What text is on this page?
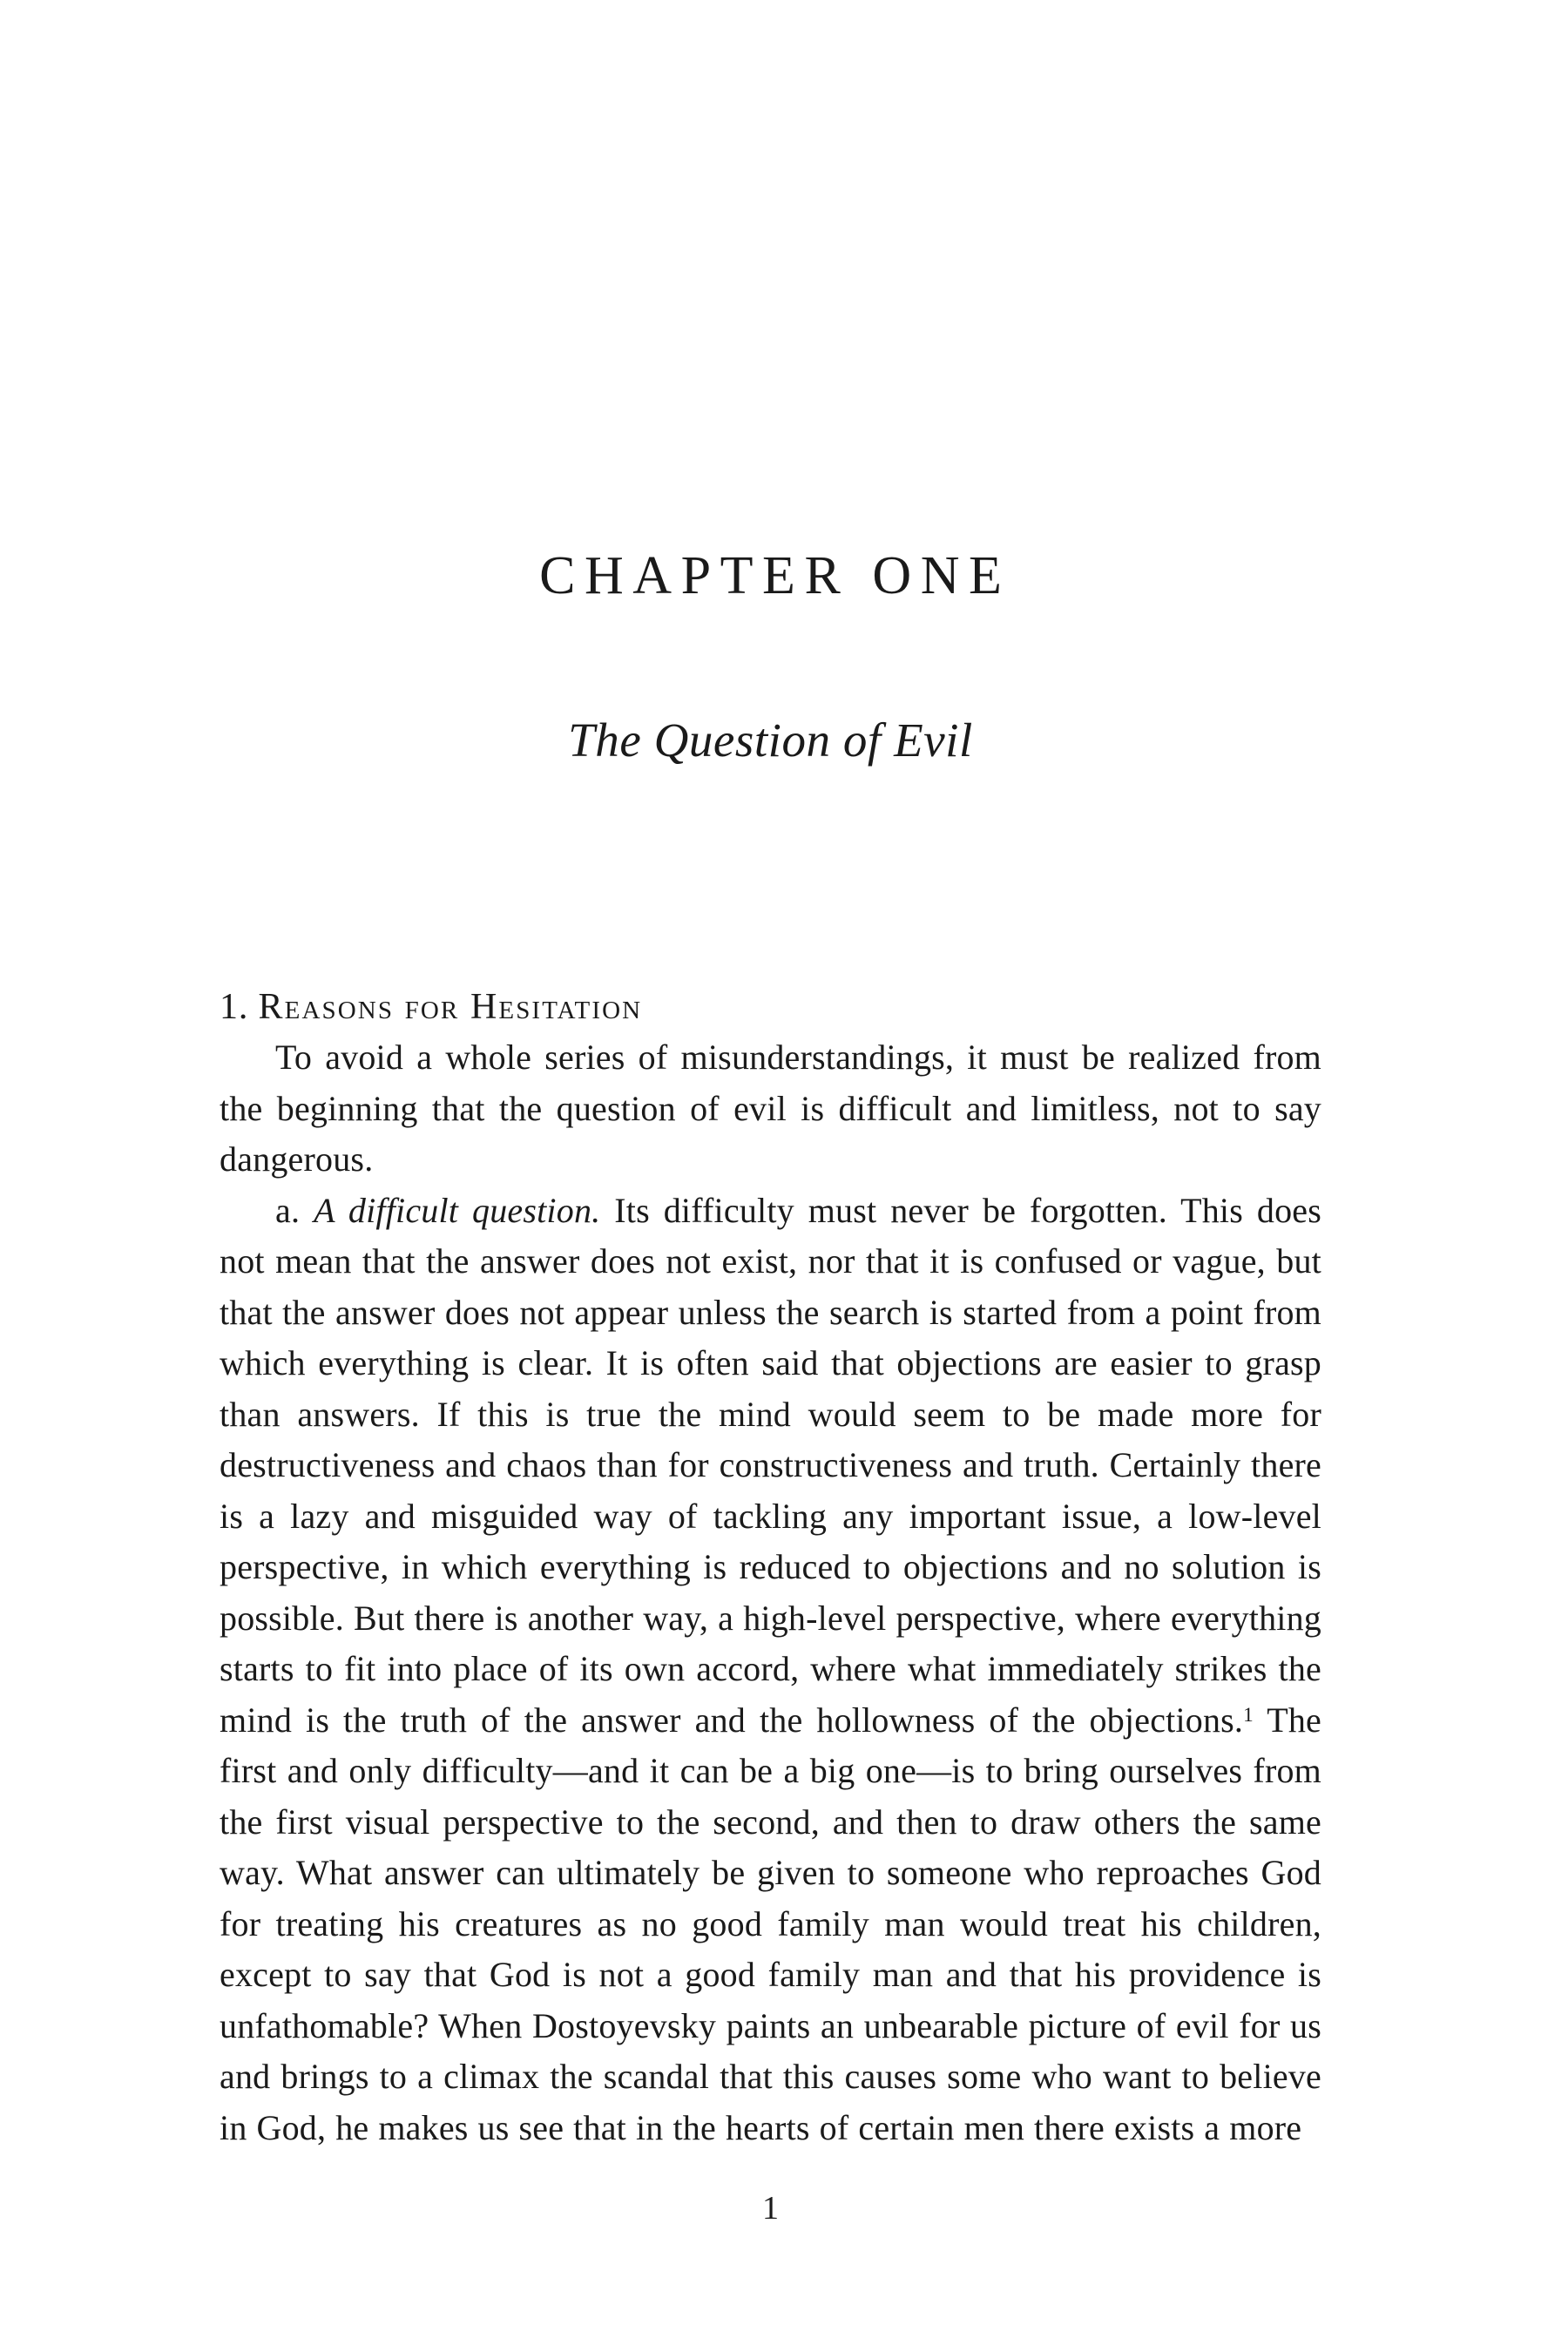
CHAPTER ONE
The Question of Evil
1. Reasons for Hesitation

To avoid a whole series of misunderstandings, it must be realized from the beginning that the question of evil is difficult and limitless, not to say dangerous.

a. A difficult question. Its difficulty must never be forgotten. This does not mean that the answer does not exist, nor that it is confused or vague, but that the answer does not appear unless the search is started from a point from which everything is clear. It is often said that objections are easier to grasp than answers. If this is true the mind would seem to be made more for destructiveness and chaos than for constructiveness and truth. Certainly there is a lazy and misguided way of tackling any important issue, a low-level perspective, in which everything is reduced to objections and no solution is possible. But there is another way, a high-level perspective, where everything starts to fit into place of its own accord, where what immediately strikes the mind is the truth of the answer and the hollowness of the objections.$^1$ The first and only difficulty—and it can be a big one—is to bring ourselves from the first visual perspective to the second, and then to draw others the same way. What answer can ultimately be given to someone who reproaches God for treating his creatures as no good family man would treat his children, except to say that God is not a good family man and that his providence is unfathomable? When Dostoyevsky paints an unbearable picture of evil for us and brings to a climax the scandal that this causes some who want to believe in God, he makes us see that in the hearts of certain men there exists a more

1
